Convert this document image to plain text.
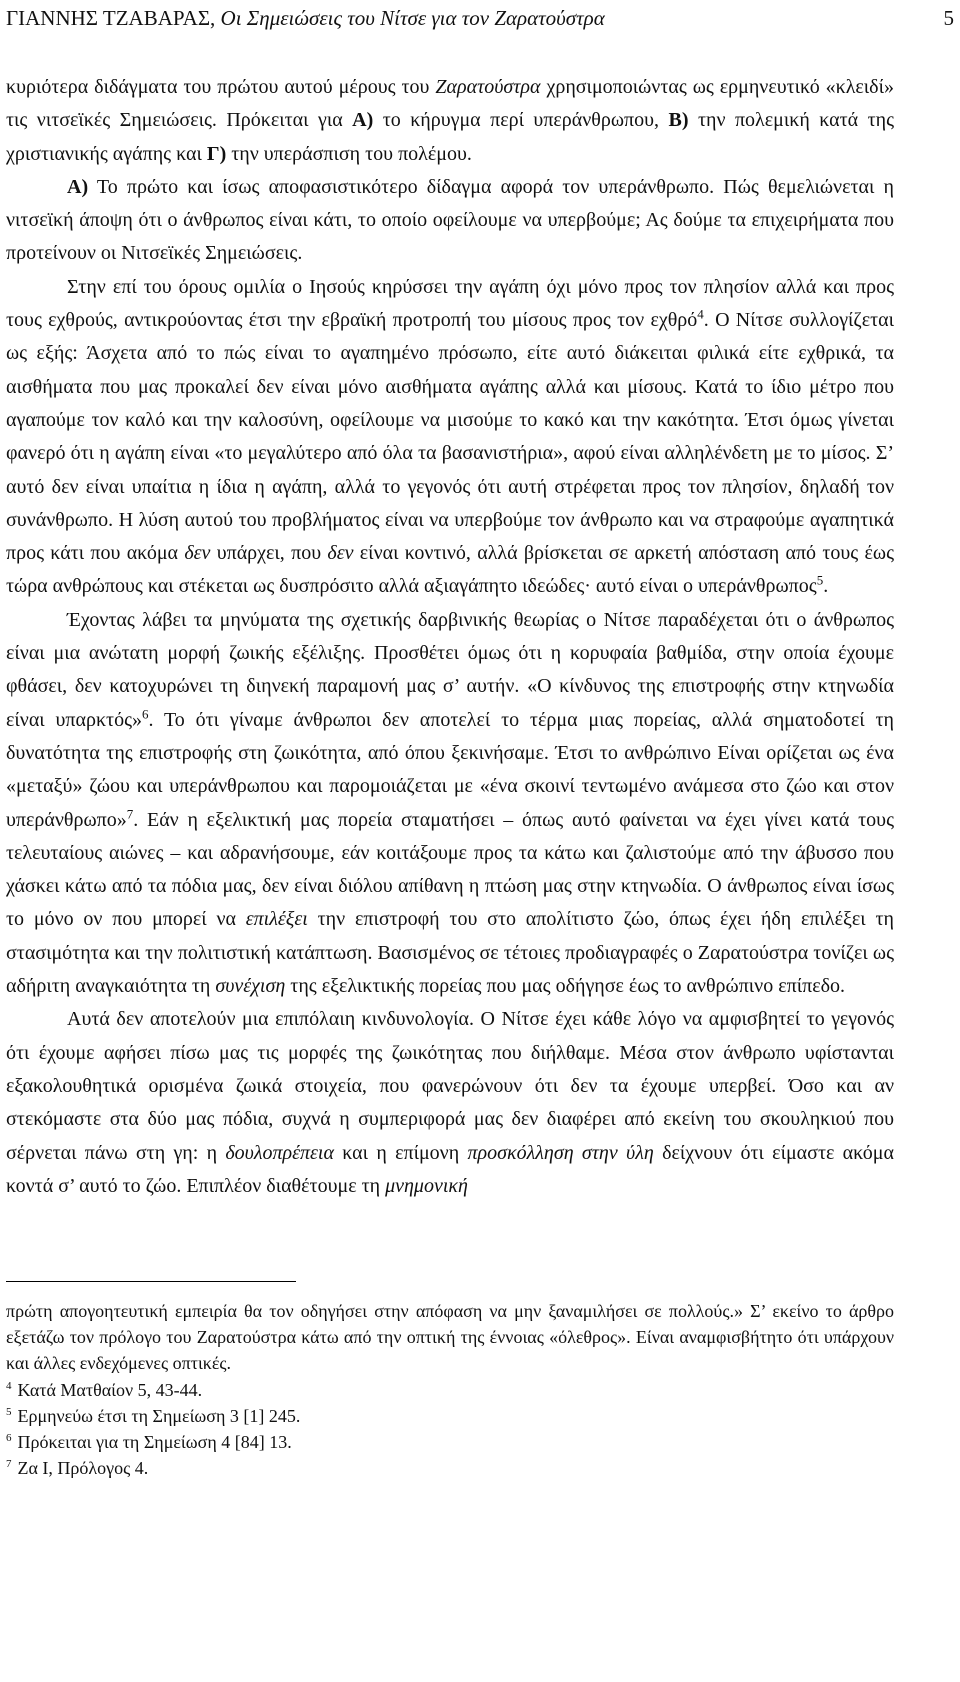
ΓΙΑΝΝΗΣ ΤΖΑΒΑΡΑΣ, Οι Σημειώσεις του Νίτσε για τον Ζαρατούστρα	5

κυριότερα διδάγματα του πρώτου αυτού μέρους του Ζαρατούστρα χρησιμοποιώντας ως ερμηνευτικό «κλειδί» τις νιτσεϊκές Σημειώσεις. Πρόκειται για Α) το κήρυγμα περί υπεράνθρωπου, Β) την πολεμική κατά της χριστιανικής αγάπης και Γ) την υπεράσπιση του πολέμου.

Α) Το πρώτο και ίσως αποφασιστικότερο δίδαγμα αφορά τον υπεράνθρωπο. Πώς θεμελιώνεται η νιτσεϊκή άποψη ότι ο άνθρωπος είναι κάτι, το οποίο οφείλουμε να υπερβούμε; Ας δούμε τα επιχειρήματα που προτείνουν οι Νιτσεϊκές Σημειώσεις.

Στην επί του όρους ομιλία ο Ιησούς κηρύσσει την αγάπη όχι μόνο προς τον πλησίον αλλά και προς τους εχθρούς, αντικρούοντας έτσι την εβραϊκή προτροπή του μίσους προς τον εχθρό$^4$. Ο Νίτσε συλλογίζεται ως εξής: Άσχετα από το πώς είναι το αγαπημένο πρόσωπο, είτε αυτό διάκειται φιλικά είτε εχθρικά, τα αισθήματα που μας προκαλεί δεν είναι μόνο αισθήματα αγάπης αλλά και μίσους. Κατά το ίδιο μέτρο που αγαπούμε τον καλό και την καλοσύνη, οφείλουμε να μισούμε το κακό και την κακότητα. Έτσι όμως γίνεται φανερό ότι η αγάπη είναι «το μεγαλύτερο από όλα τα βασανιστήρια», αφού είναι αλληλένδετη με το μίσος. Σ’ αυτό δεν είναι υπαίτια η ίδια η αγάπη, αλλά το γεγονός ότι αυτή στρέφεται προς τον πλησίον, δηλαδή τον συνάνθρωπο. Η λύση αυτού του προβλήματος είναι να υπερβούμε τον άνθρωπο και να στραφούμε αγαπητικά προς κάτι που ακόμα δεν υπάρχει, που δεν είναι κοντινό, αλλά βρίσκεται σε αρκετή απόσταση από τους έως τώρα ανθρώπους και στέκεται ως δυσπρόσιτο αλλά αξιαγάπητο ιδεώδες· αυτό είναι ο υπεράνθρωπος$^5$.

Έχοντας λάβει τα μηνύματα της σχετικής δαρβινικής θεωρίας ο Νίτσε παραδέχεται ότι ο άνθρωπος είναι μια ανώτατη μορφή ζωικής εξέλιξης. Προσθέτει όμως ότι η κορυφαία βαθμίδα, στην οποία έχουμε φθάσει, δεν κατοχυρώνει τη διηνεκή παραμονή μας σ’ αυτήν. «Ο κίνδυνος της επιστροφής στην κτηνωδία είναι υπαρκτός»$^6$. Το ότι γίναμε άνθρωποι δεν αποτελεί το τέρμα μιας πορείας, αλλά σηματοδοτεί τη δυνατότητα της επιστροφής στη ζωικότητα, από όπου ξεκινήσαμε. Έτσι το ανθρώπινο Είναι ορίζεται ως ένα «μεταξύ» ζώου και υπεράνθρωπου και παρομοιάζεται με «ένα σκοινί τεντωμένο ανάμεσα στο ζώο και στον υπεράνθρωπο»$^7$. Εάν η εξελικτική μας πορεία σταματήσει – όπως αυτό φαίνεται να έχει γίνει κατά τους τελευταίους αιώνες – και αδρανήσουμε, εάν κοιτάξουμε προς τα κάτω και ζαλιστούμε από την άβυσσο που χάσκει κάτω από τα πόδια μας, δεν είναι διόλου απίθανη η πτώση μας στην κτηνωδία. Ο άνθρωπος είναι ίσως το μόνο ον που μπορεί να επιλέξει την επιστροφή του στο απολίτιστο ζώο, όπως έχει ήδη επιλέξει τη στασιμότητα και την πολιτιστική κατάπτωση. Βασισμένος σε τέτοιες προδιαγραφές ο Ζαρατούστρα τονίζει ως αδήριτη αναγκαιότητα τη συνέχιση της εξελικτικής πορείας που μας οδήγησε έως το ανθρώπινο επίπεδο.

Αυτά δεν αποτελούν μια επιπόλαιη κινδυνολογία. Ο Νίτσε έχει κάθε λόγο να αμφισβητεί το γεγονός ότι έχουμε αφήσει πίσω μας τις μορφές της ζωικότητας που διήλθαμε. Μέσα στον άνθρωπο υφίστανται εξακολουθητικά ορισμένα ζωικά στοιχεία, που φανερώνουν ότι δεν τα έχουμε υπερβεί. Όσο και αν στεκόμαστε στα δύο μας πόδια, συχνά η συμπεριφορά μας δεν διαφέρει από εκείνη του σκουληκιού που σέρνεται πάνω στη γη: η δουλοπρέπεια και η επίμονη προσκόλληση στην ύλη δείχνουν ότι είμαστε ακόμα κοντά σ’ αυτό το ζώο. Επιπλέον διαθέτουμε τη μνημονική

πρώτη απογοητευτική εμπειρία θα τον οδηγήσει στην απόφαση να μην ξαναμιλήσει σε πολλούς.» Σ’ εκείνο το άρθρο εξετάζω τον πρόλογο του Ζαρατούστρα κάτω από την οπτική της έννοιας «όλεθρος». Είναι αναμφισβήτητο ότι υπάρχουν και άλλες ενδεχόμενες οπτικές.

$^4$ Κατά Ματθαίον 5, 43-44.

$^5$ Ερμηνεύω έτσι τη Σημείωση 3 [1] 245.

$^6$ Πρόκειται για τη Σημείωση 4 [84] 13.

$^7$ Ζα Ι, Πρόλογος 4.
